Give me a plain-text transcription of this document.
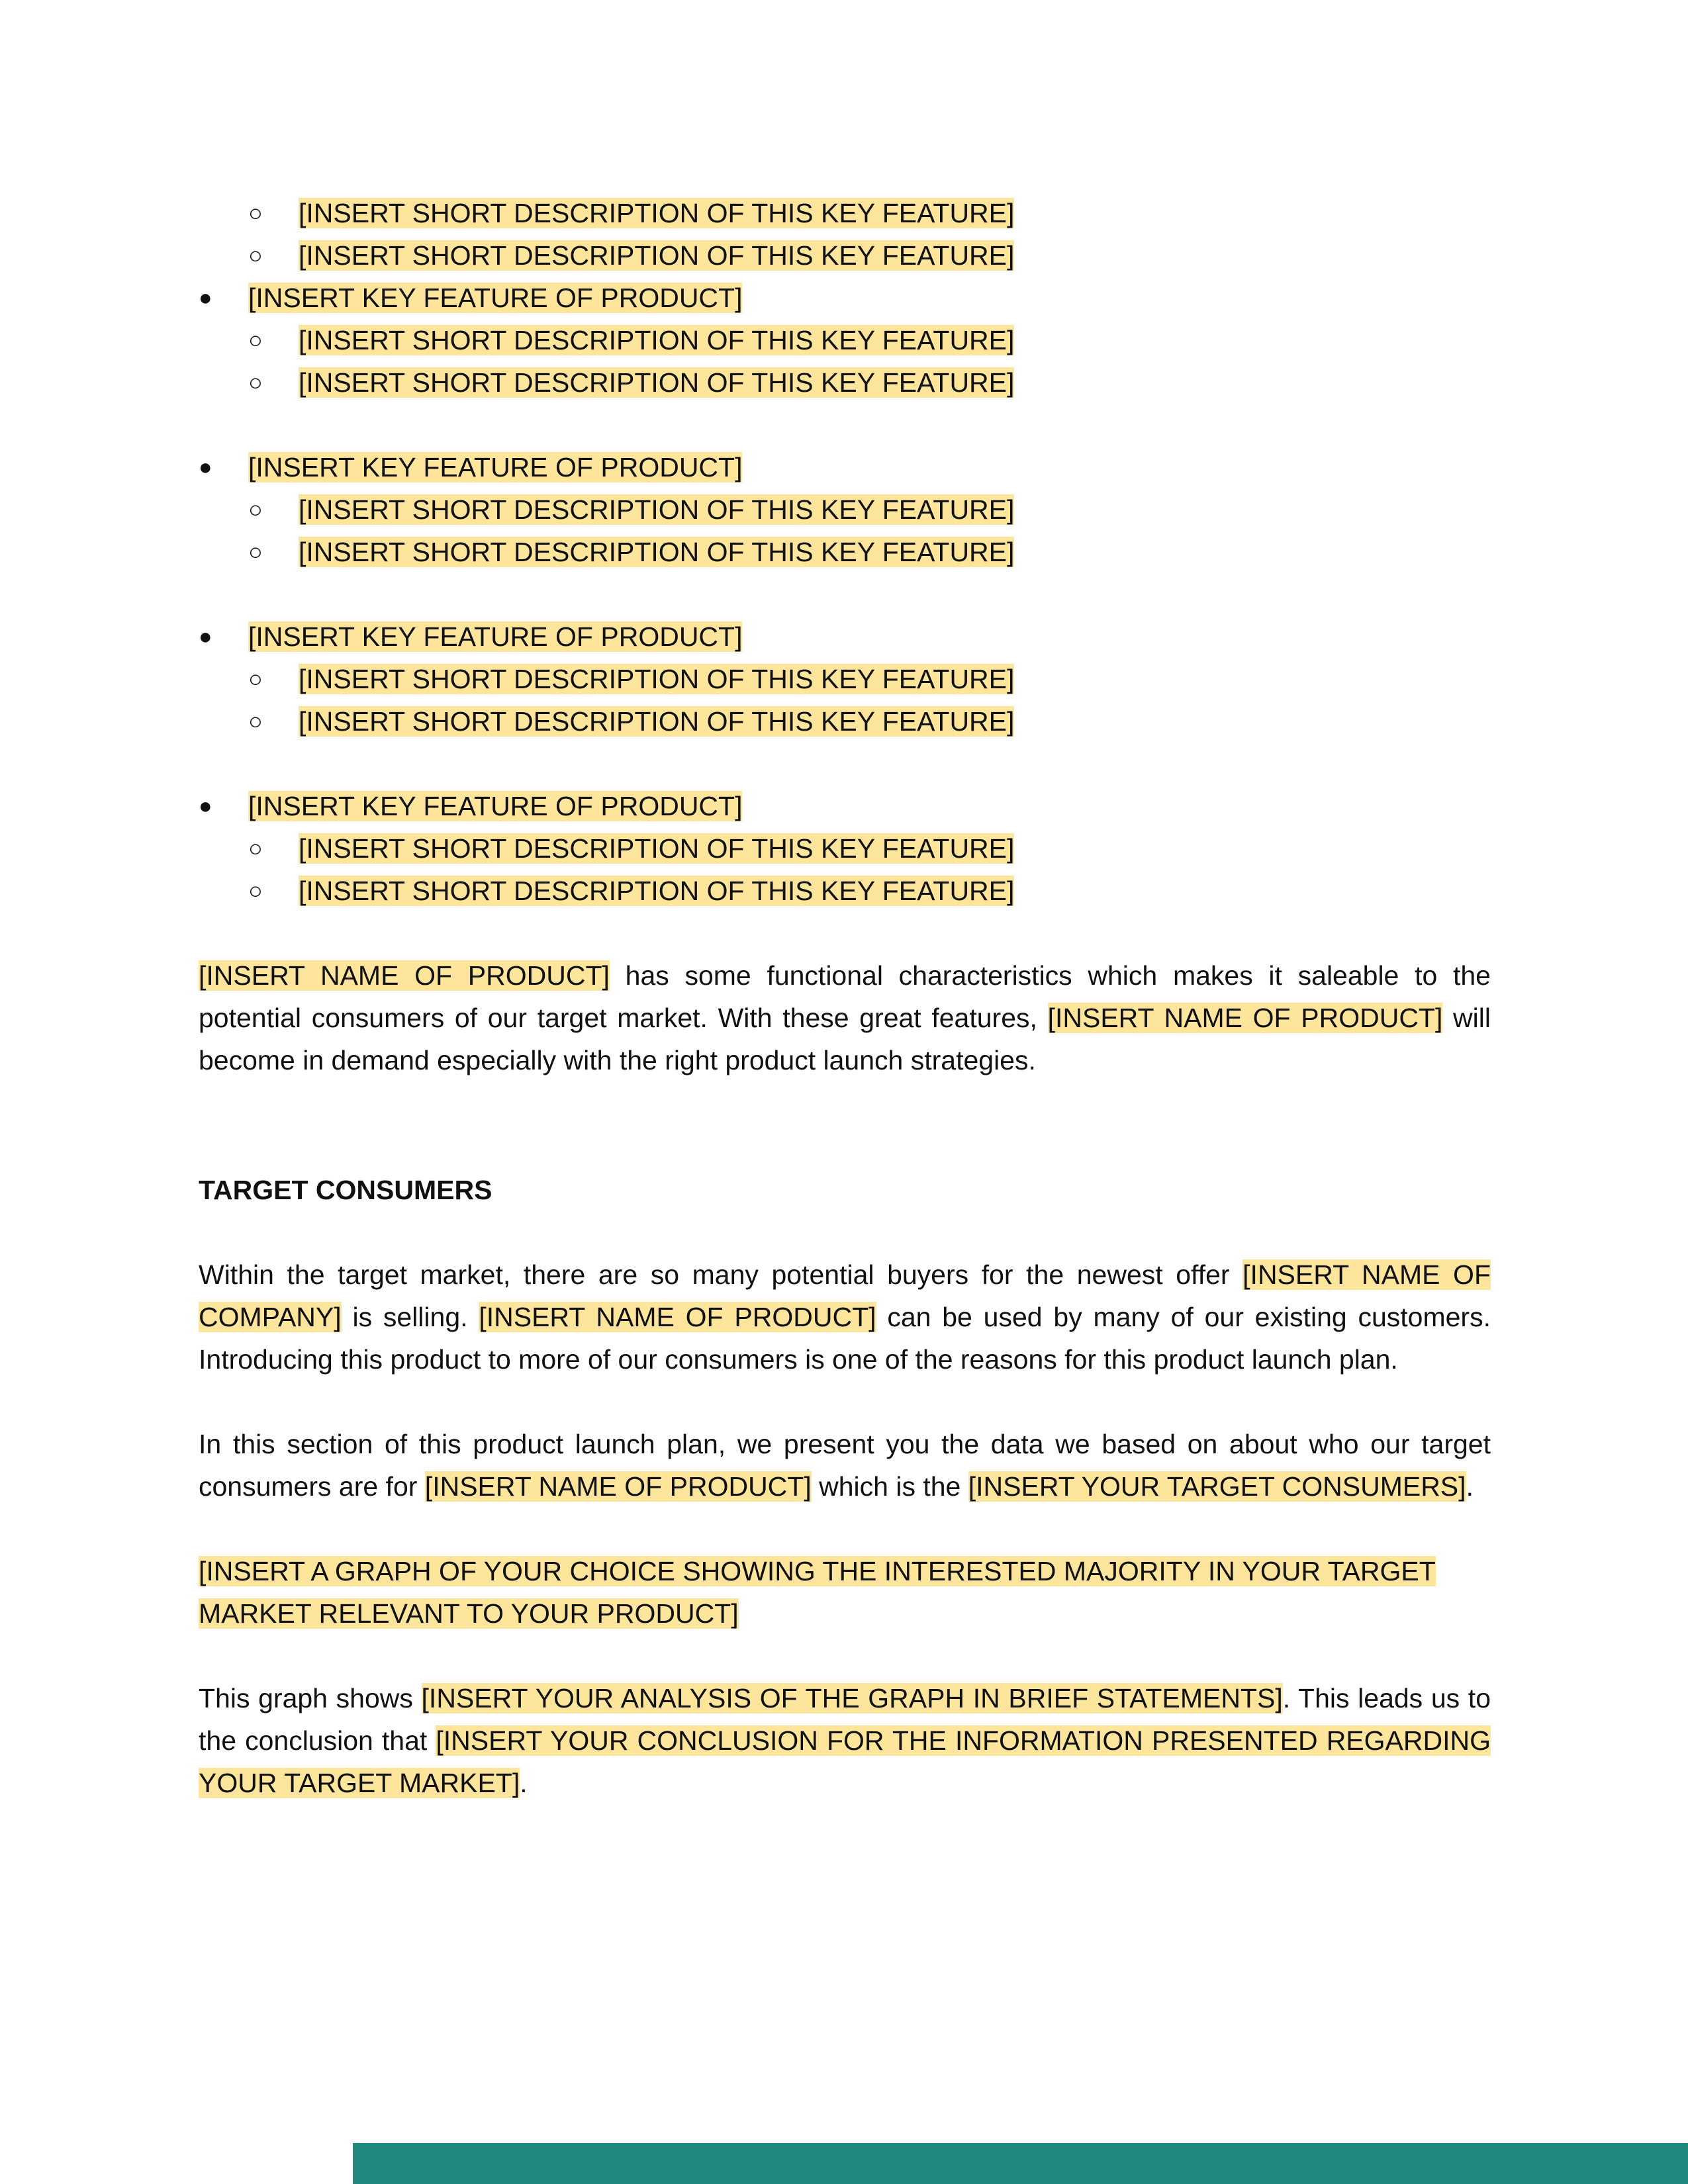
○ [INSERT SHORT DESCRIPTION OF THIS KEY FEATURE]
○ [INSERT SHORT DESCRIPTION OF THIS KEY FEATURE]
● [INSERT KEY FEATURE OF PRODUCT]
○ [INSERT SHORT DESCRIPTION OF THIS KEY FEATURE]
○ [INSERT SHORT DESCRIPTION OF THIS KEY FEATURE]
● [INSERT KEY FEATURE OF PRODUCT]
○ [INSERT SHORT DESCRIPTION OF THIS KEY FEATURE]
○ [INSERT SHORT DESCRIPTION OF THIS KEY FEATURE]
● [INSERT KEY FEATURE OF PRODUCT]
○ [INSERT SHORT DESCRIPTION OF THIS KEY FEATURE]
○ [INSERT SHORT DESCRIPTION OF THIS KEY FEATURE]
● [INSERT KEY FEATURE OF PRODUCT]
○ [INSERT SHORT DESCRIPTION OF THIS KEY FEATURE]
○ [INSERT SHORT DESCRIPTION OF THIS KEY FEATURE]

[INSERT NAME OF PRODUCT] has some functional characteristics which makes it saleable to the potential consumers of our target market. With these great features, [INSERT NAME OF PRODUCT] will become in demand especially with the right product launch strategies.

TARGET CONSUMERS

Within the target market, there are so many potential buyers for the newest offer [INSERT NAME OF COMPANY] is selling. [INSERT NAME OF PRODUCT] can be used by many of our existing customers. Introducing this product to more of our consumers is one of the reasons for this product launch plan.

In this section of this product launch plan, we present you the data we based on about who our target consumers are for [INSERT NAME OF PRODUCT] which is the [INSERT YOUR TARGET CONSUMERS].

[INSERT A GRAPH OF YOUR CHOICE SHOWING THE INTERESTED MAJORITY IN YOUR TARGET MARKET RELEVANT TO YOUR PRODUCT]

This graph shows [INSERT YOUR ANALYSIS OF THE GRAPH IN BRIEF STATEMENTS]. This leads us to the conclusion that [INSERT YOUR CONCLUSION FOR THE INFORMATION PRESENTED REGARDING YOUR TARGET MARKET].
